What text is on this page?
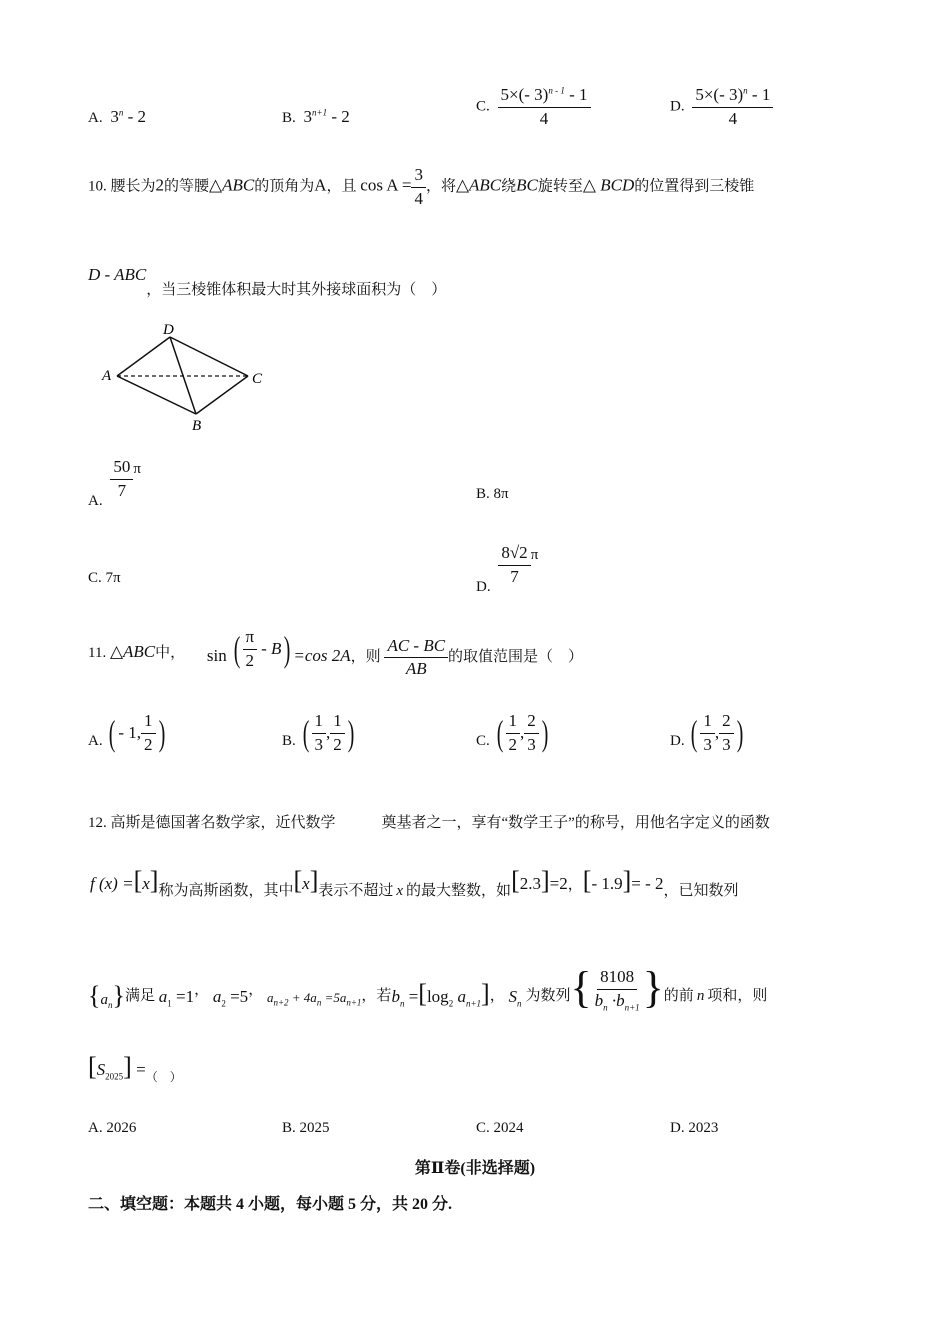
A. 3$^n$ - 2	B. $3^{n+1} - 2$
C. $\frac{5\times(- 3)^{n - 1} - 1}{4}$	D. $\frac{5\times(- 3)^n - 1}{4}$
10. 腰长为2的等腰△ABC的顶角为A，且 $\cos A = \frac{3}{4}$ ，将△ABC绕BC旋转至△ BCD的位置得到三棱锥
D - ABC，当三棱锥体积最大时其外接球面积为（　）
D
A
B
C
A.
$\frac{50}{7}$ π
B. 8π
C. 7π
D.
$\frac{8√2}{7}$ π
11. △ABC中， sin ( $\frac{\pi}{2}$ - B ) =cos 2A，则 $\frac{AC - BC}{AB}$ 的取值范围是（　）
A. ( - 1, $\frac{1}{2}$ )	B. ( $\frac{1}{3}$ , $\frac{1}{2}$ )	C. ( $\frac{1}{2}$ , $\frac{2}{3}$ )	D. ( $\frac{1}{3}$ , $\frac{2}{3}$ )
12. 高斯是德国著名数学家，近代数学	奠基者之一，享有“数学王子”的称号，用他名字定义的函数
f (x) =[x]称为高斯函数，其中[x]表示不超过 x 的最大整数，如[2.3]=2，[- 1.9]= - 2，已知数列
$\{a_n\}$满足 $a_1 =1$， $a_2 =5$， $a_{n+2} + 4a_n =5a_{n+1}$，若$b_n =[\log_2$ $a_{n+1}$]， $S_n$ 为数列{ $\frac{8108}{b_n \cdot b_{n+1}}$ }的前 n 项和，则
$[S_{2025}] =_{( )}$
A. 2026	B. 2025	C. 2024	D. 2023
第Ⅱ卷(非选择题)
二、填空题：本题共 4 小题，每小题 5 分，共 20 分.
